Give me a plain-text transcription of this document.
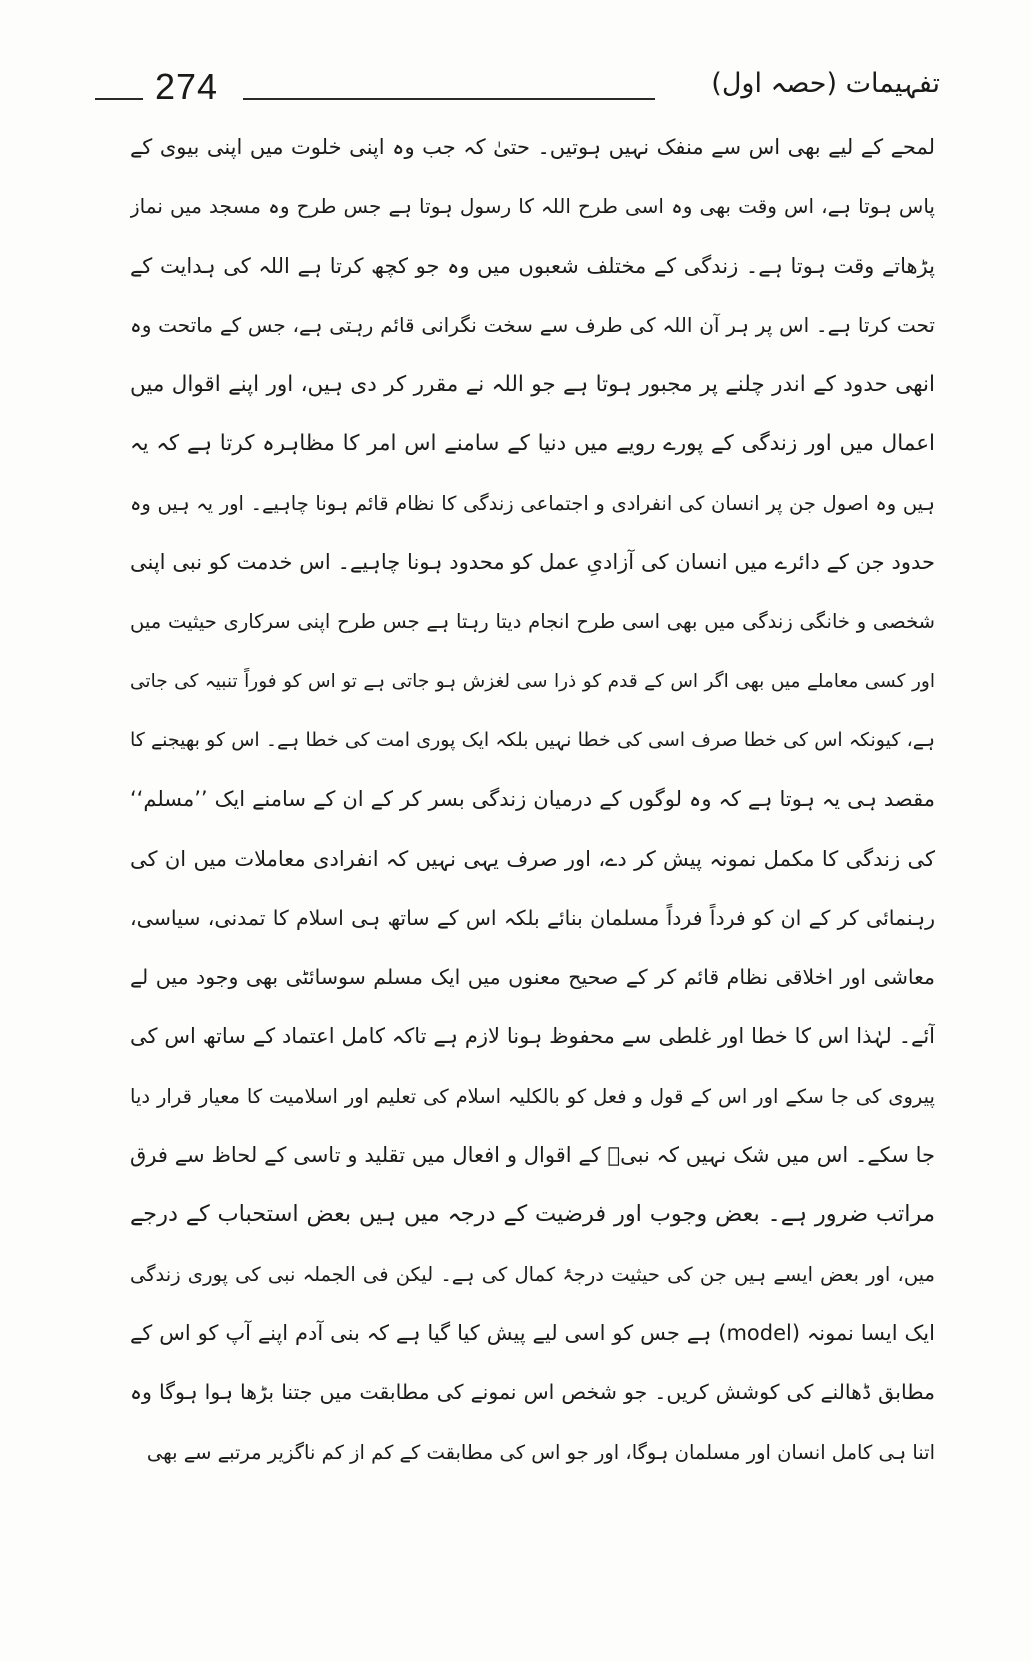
274	تفہیمات (حصہ اول)
لمحے کے لیے بھی اس سے منفک نہیں ہوتیں۔ حتیٰ کہ جب وہ اپنی خلوت میں اپنی بیوی کے
پاس ہوتا ہے، اس وقت بھی وہ اسی طرح اللہ کا رسول ہوتا ہے جس طرح وہ مسجد میں نماز
پڑھاتے وقت ہوتا ہے۔ زندگی کے مختلف شعبوں میں وہ جو کچھ کرتا ہے اللہ کی ہدایت کے
تحت کرتا ہے۔ اس پر ہر آن اللہ کی طرف سے سخت نگرانی قائم رہتی ہے، جس کے ماتحت وہ
انھی حدود کے اندر چلنے پر مجبور ہوتا ہے جو اللہ نے مقرر کر دی ہیں، اور اپنے اقوال میں
اعمال میں اور زندگی کے پورے رویے میں دنیا کے سامنے اس امر کا مظاہرہ کرتا ہے کہ یہ
ہیں وہ اصول جن پر انسان کی انفرادی و اجتماعی زندگی کا نظام قائم ہونا چاہیے۔ اور یہ ہیں وہ
حدود جن کے دائرے میں انسان کی آزادیِ عمل کو محدود ہونا چاہیے۔ اس خدمت کو نبی اپنی
شخصی و خانگی زندگی میں بھی اسی طرح انجام دیتا رہتا ہے جس طرح اپنی سرکاری حیثیت میں
اور کسی معاملے میں بھی اگر اس کے قدم کو ذرا سی لغزش ہو جاتی ہے تو اس کو فوراً تنبیہ کی جاتی
ہے، کیونکہ اس کی خطا صرف اسی کی خطا نہیں بلکہ ایک پوری امت کی خطا ہے۔ اس کو بھیجنے کا
مقصد ہی یہ ہوتا ہے کہ وہ لوگوں کے درمیان زندگی بسر کر کے ان کے سامنے ایک ’’مسلم‘‘
کی زندگی کا مکمل نمونہ پیش کر دے، اور صرف یہی نہیں کہ انفرادی معاملات میں ان کی
رہنمائی کر کے ان کو فرداً فرداً مسلمان بنائے بلکہ اس کے ساتھ ہی اسلام کا تمدنی، سیاسی،
معاشی اور اخلاقی نظام قائم کر کے صحیح معنوں میں ایک مسلم سوسائٹی بھی وجود میں لے
آئے۔ لہٰذا اس کا خطا اور غلطی سے محفوظ ہونا لازم ہے تاکہ کامل اعتماد کے ساتھ اس کی
پیروی کی جا سکے اور اس کے قول و فعل کو بالکلیہ اسلام کی تعلیم اور اسلامیت کا معیار قرار دیا
جا سکے۔ اس میں شک نہیں کہ نبیؐ کے اقوال و افعال میں تقلید و تاسی کے لحاظ سے فرق
مراتب ضرور ہے۔ بعض وجوب اور فرضیت کے درجہ میں ہیں بعض استحباب کے درجے
میں، اور بعض ایسے ہیں جن کی حیثیت درجۂ کمال کی ہے۔ لیکن فی الجملہ نبی کی پوری زندگی
ایک ایسا نمونہ (model) ہے جس کو اسی لیے پیش کیا گیا ہے کہ بنی آدم اپنے آپ کو اس کے
مطابق ڈھالنے کی کوشش کریں۔ جو شخص اس نمونے کی مطابقت میں جتنا بڑھا ہوا ہوگا وہ
اتنا ہی کامل انسان اور مسلمان ہوگا، اور جو اس کی مطابقت کے کم از کم ناگزیر مرتبے سے بھی
